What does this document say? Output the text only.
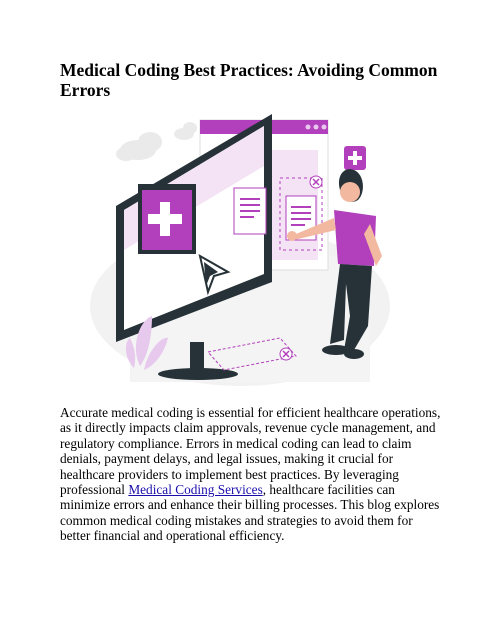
Medical Coding Best Practices: Avoiding Common Errors

Accurate medical coding is essential for efficient healthcare operations, as it directly impacts claim approvals, revenue cycle management, and regulatory compliance. Errors in medical coding can lead to claim denials, payment delays, and legal issues, making it crucial for healthcare providers to implement best practices. By leveraging professional Medical Coding Services, healthcare facilities can minimize errors and enhance their billing processes. This blog explores common medical coding mistakes and strategies to avoid them for better financial and operational efficiency.
